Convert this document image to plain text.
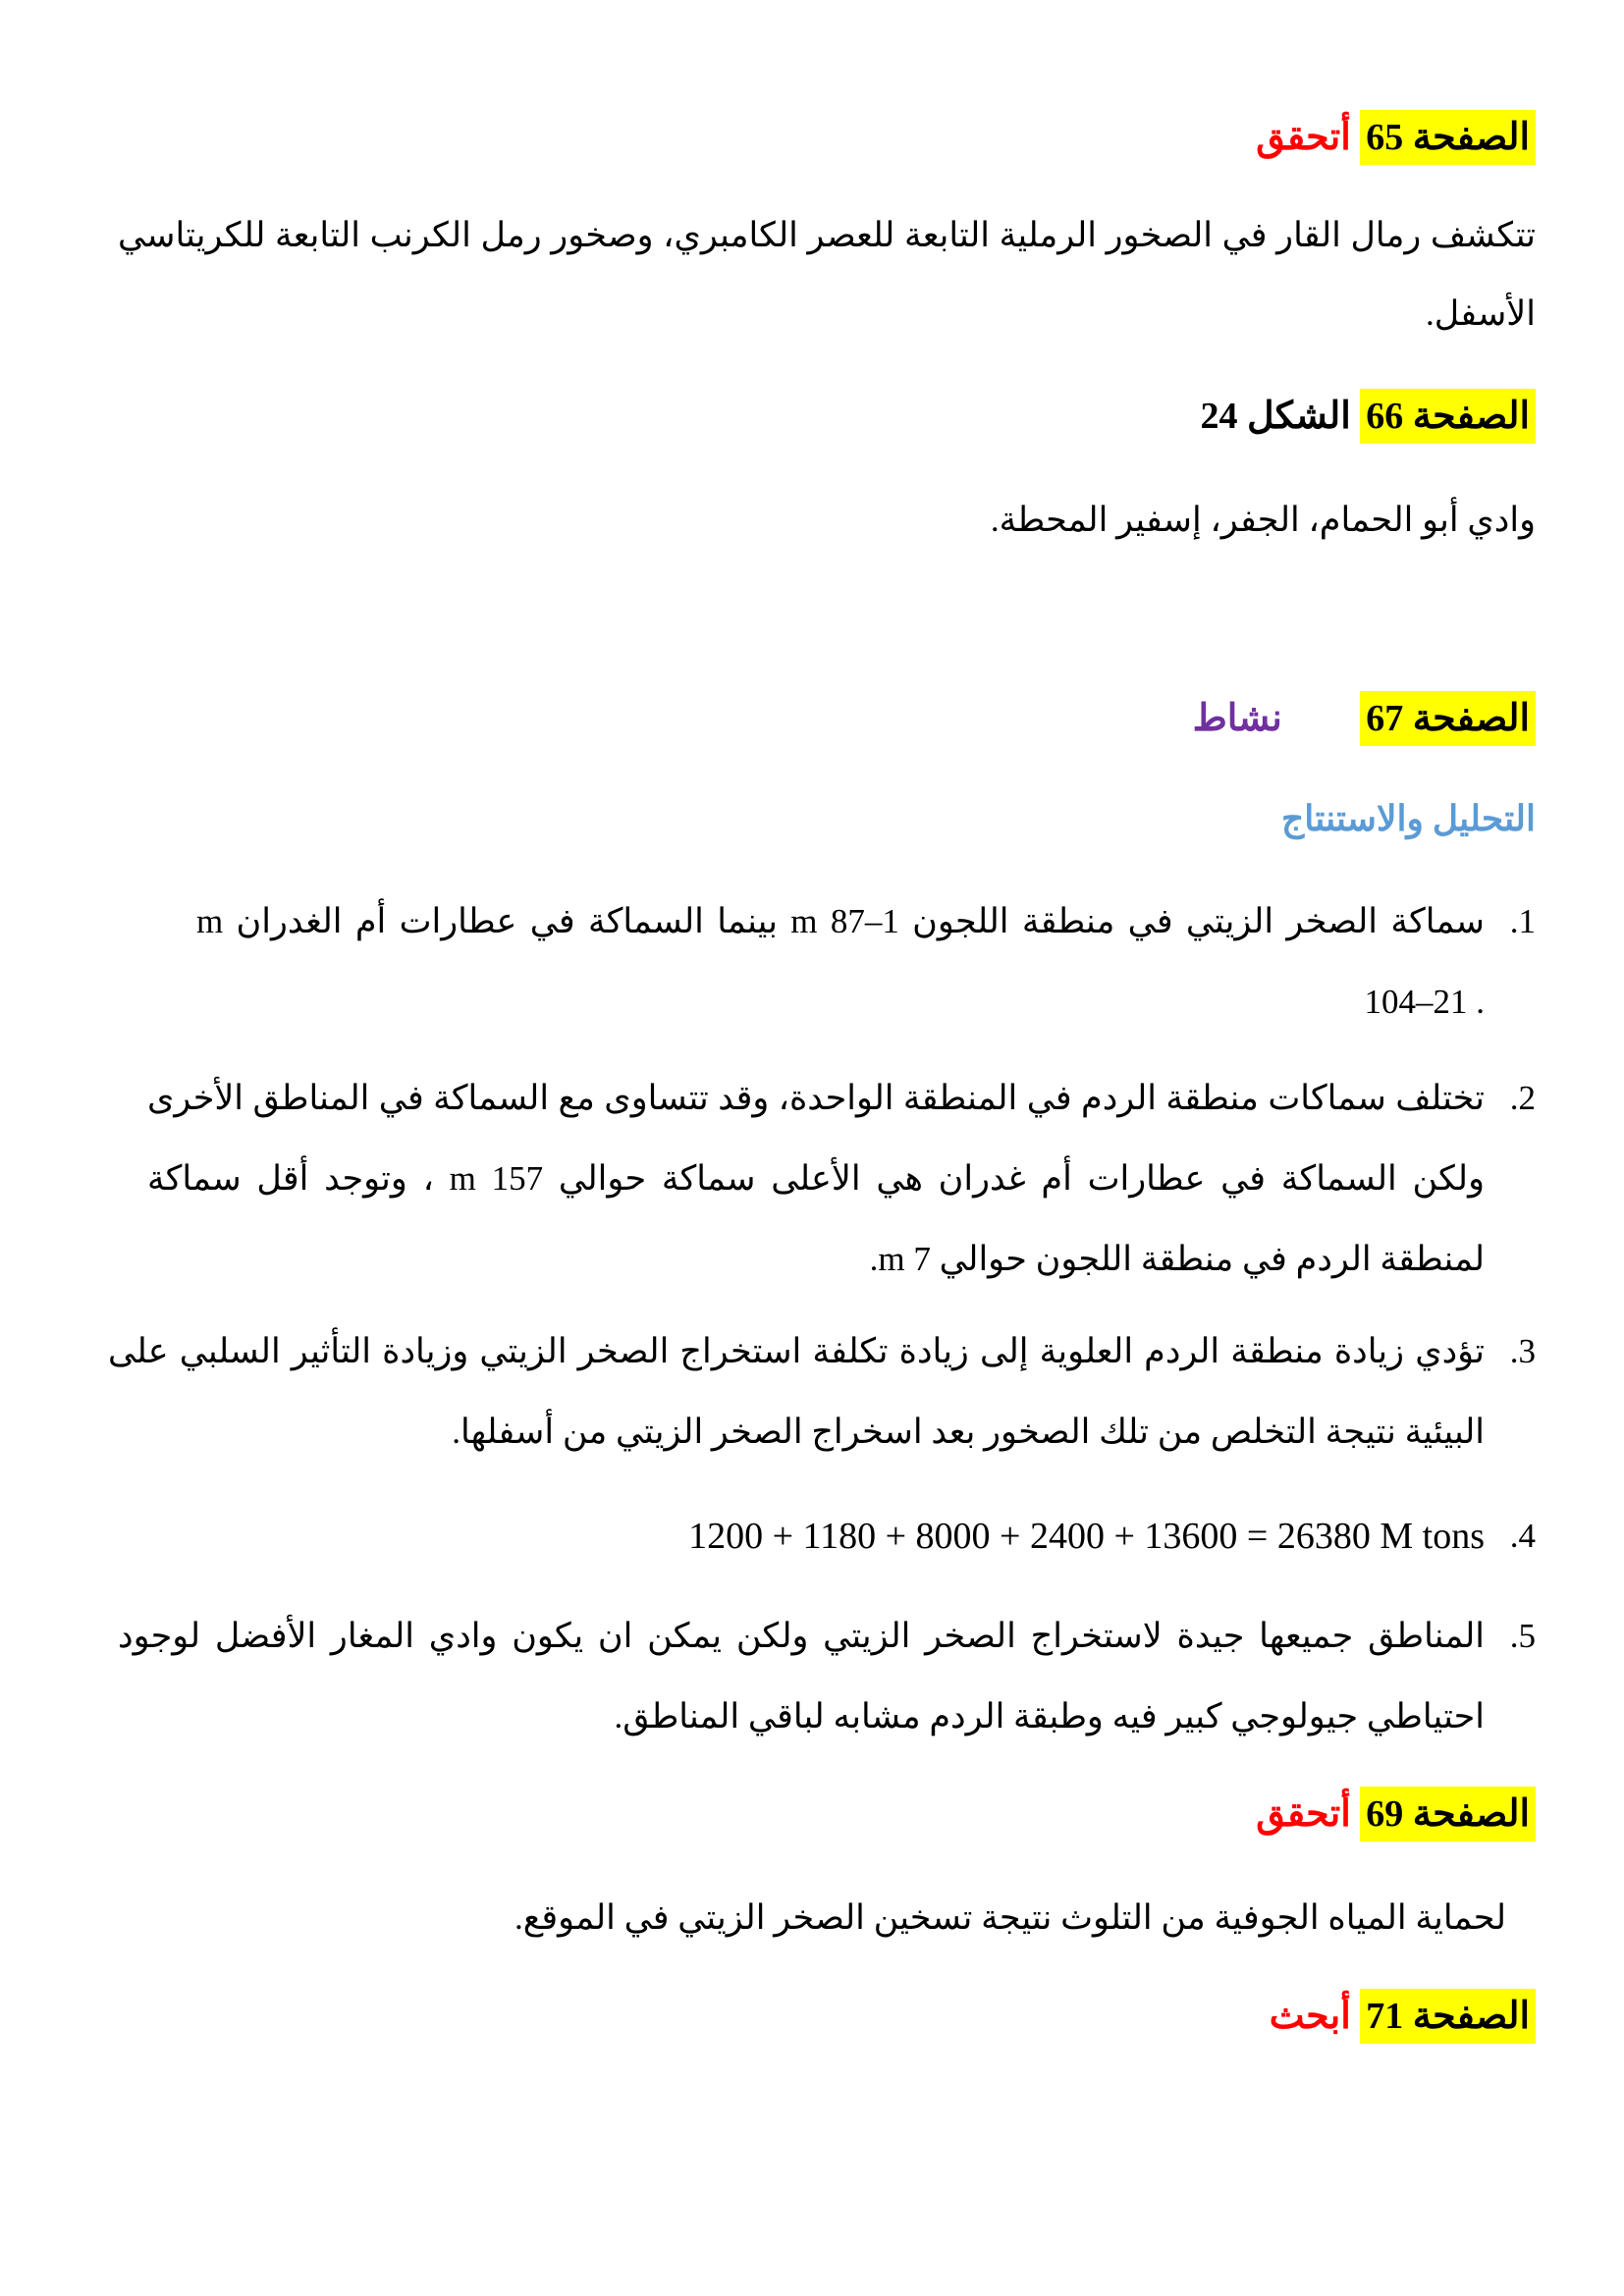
الصفحة 65 أتحقق
تتكشف رمال القار في الصخور الرملية التابعة للعصر الكامبري، وصخور رمل الكرنب التابعة للكريتاسي
الأسفل.
الصفحة 66 الشكل 24
وادي أبو الحمام، الجفر، إسفير المحطة.
الصفحة 67 نشاط
التحليل والاستنتاج
1.
سماكة الصخر الزيتي في منطقة اللجون 1–87 m بينما السماكة في عطارات أم الغدران m
. 21–104
2.
تختلف سماكات منطقة الردم في المنطقة الواحدة، وقد تتساوى مع السماكة في المناطق الأخرى
ولكن السماكة في عطارات أم غدران هي الأعلى سماكة حوالي 157 m ، وتوجد أقل سماكة
لمنطقة الردم في منطقة اللجون حوالي 7 m.
3.
تؤدي زيادة منطقة الردم العلوية إلى زيادة تكلفة استخراج الصخر الزيتي وزيادة التأثير السلبي على
البيئية نتيجة التخلص من تلك الصخور بعد اسخراج الصخر الزيتي من أسفلها.
4.
1200 + 1180 + 8000 + 2400 + 13600 = 26380 M tons
5.
المناطق جميعها جيدة لاستخراج الصخر الزيتي ولكن يمكن ان يكون وادي المغار الأفضل لوجود
احتياطي جيولوجي كبير فيه وطبقة الردم مشابه لباقي المناطق.
الصفحة 69 أتحقق
لحماية المياه الجوفية من التلوث نتيجة تسخين الصخر الزيتي في الموقع.
الصفحة 71 أبحث
